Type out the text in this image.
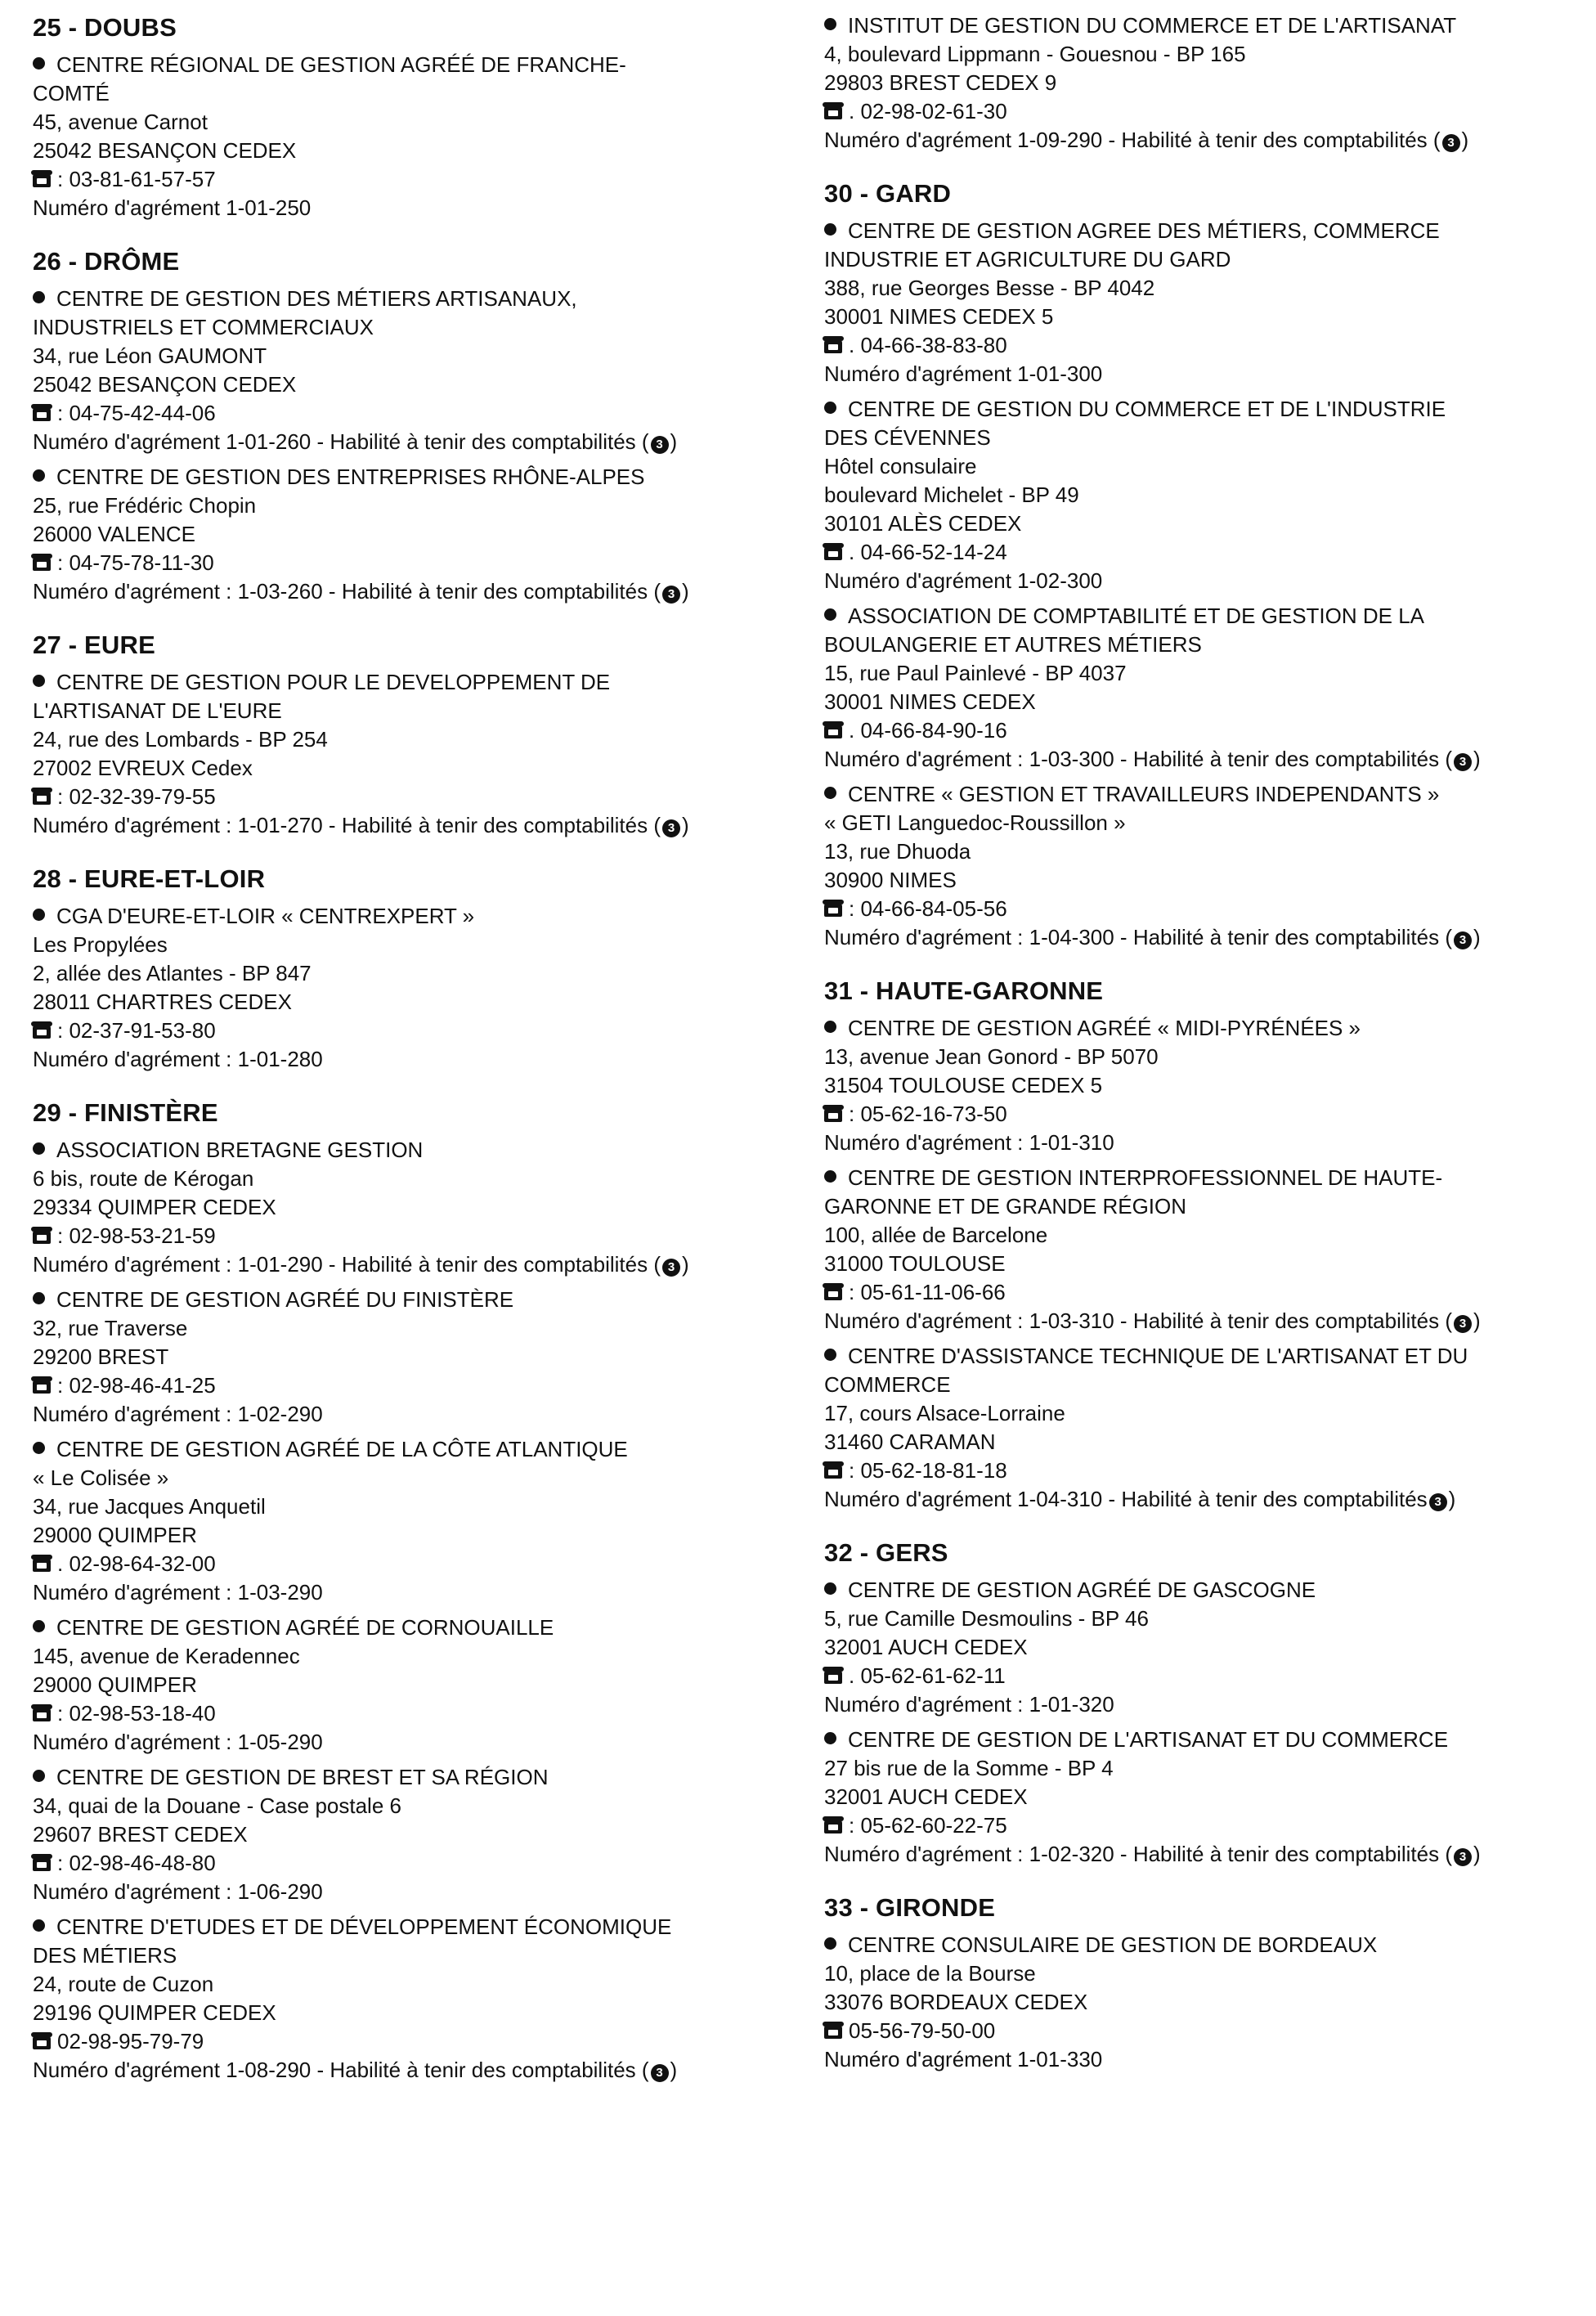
25 - DOUBS
CENTRE RÉGIONAL DE GESTION AGRÉÉ DE FRANCHE-
COMTÉ
45, avenue Carnot
25042 BESANÇON CEDEX
: 03-81-61-57-57
Numéro d'agrément 1-01-250
26 - DRÔME
CENTRE DE GESTION DES MÉTIERS ARTISANAUX,
INDUSTRIELS ET COMMERCIAUX
34, rue Léon GAUMONT
25042 BESANÇON CEDEX
: 04-75-42-44-06
Numéro d'agrément 1-01-260 - Habilité à tenir des comptabilités ( 3 )
CENTRE DE GESTION DES ENTREPRISES RHÔNE-ALPES
25, rue Frédéric Chopin
26000 VALENCE
: 04-75-78-11-30
Numéro d'agrément : 1-03-260 - Habilité à tenir des comptabilités ( 3 )
27 - EURE
CENTRE DE GESTION POUR LE DEVELOPPEMENT DE
L'ARTISANAT DE L'EURE
24, rue des Lombards - BP 254
27002 EVREUX Cedex
: 02-32-39-79-55
Numéro d'agrément : 1-01-270 - Habilité à tenir des comptabilités ( 3 )
28 - EURE-ET-LOIR
CGA D'EURE-ET-LOIR « CENTREXPERT »
Les Propylées
2, allée des Atlantes - BP 847
28011 CHARTRES CEDEX
: 02-37-91-53-80
Numéro d'agrément : 1-01-280
29 - FINISTÈRE
ASSOCIATION BRETAGNE GESTION
6 bis, route de Kérogan
29334 QUIMPER CEDEX
: 02-98-53-21-59
Numéro d'agrément : 1-01-290 - Habilité à tenir des comptabilités ( 3 )
CENTRE DE GESTION AGRÉÉ DU FINISTÈRE
32, rue Traverse
29200 BREST
: 02-98-46-41-25
Numéro d'agrément : 1-02-290
CENTRE DE GESTION AGRÉÉ DE LA CÔTE ATLANTIQUE
« Le Colisée »
34, rue Jacques Anquetil
29000 QUIMPER
. 02-98-64-32-00
Numéro d'agrément : 1-03-290
CENTRE DE GESTION AGRÉÉ DE CORNOUAILLE
145, avenue de Keradennec
29000 QUIMPER
: 02-98-53-18-40
Numéro d'agrément : 1-05-290
CENTRE DE GESTION DE BREST ET SA RÉGION
34, quai de la Douane - Case postale 6
29607 BREST CEDEX
: 02-98-46-48-80
Numéro d'agrément : 1-06-290
CENTRE D'ETUDES ET DE DÉVELOPPEMENT ÉCONOMIQUE
DES MÉTIERS
24, route de Cuzon
29196 QUIMPER CEDEX
02-98-95-79-79
Numéro d'agrément 1-08-290 - Habilité à tenir des comptabilités ( 3 )
INSTITUT DE GESTION DU COMMERCE ET DE L'ARTISANAT
4, boulevard Lippmann - Gouesnou - BP 165
29803 BREST CEDEX 9
. 02-98-02-61-30
Numéro d'agrément 1-09-290 - Habilité à tenir des comptabilités ( 3 )
30 - GARD
CENTRE DE GESTION AGREE DES MÉTIERS, COMMERCE
INDUSTRIE ET AGRICULTURE DU GARD
388, rue Georges Besse - BP 4042
30001 NIMES CEDEX 5
. 04-66-38-83-80
Numéro d'agrément 1-01-300
CENTRE DE GESTION DU COMMERCE ET DE L'INDUSTRIE
DES CÉVENNES
Hôtel consulaire
boulevard Michelet - BP 49
30101 ALÈS CEDEX
. 04-66-52-14-24
Numéro d'agrément 1-02-300
ASSOCIATION DE COMPTABILITÉ ET DE GESTION DE LA
BOULANGERIE ET AUTRES MÉTIERS
15, rue Paul Painlevé - BP 4037
30001 NIMES CEDEX
. 04-66-84-90-16
Numéro d'agrément : 1-03-300 - Habilité à tenir des comptabilités ( 3 )
CENTRE « GESTION ET TRAVAILLEURS INDEPENDANTS »
« GETI Languedoc-Roussillon »
13, rue Dhuoda
30900 NIMES
: 04-66-84-05-56
Numéro d'agrément : 1-04-300 - Habilité à tenir des comptabilités ( 3 )
31 - HAUTE-GARONNE
CENTRE DE GESTION AGRÉÉ « MIDI-PYRÉNÉES »
13, avenue Jean Gonord - BP 5070
31504 TOULOUSE CEDEX 5
: 05-62-16-73-50
Numéro d'agrément : 1-01-310
CENTRE DE GESTION INTERPROFESSIONNEL DE HAUTE-
GARONNE ET DE GRANDE RÉGION
100, allée de Barcelone
31000 TOULOUSE
: 05-61-11-06-66
Numéro d'agrément : 1-03-310 - Habilité à tenir des comptabilités ( 3 )
CENTRE D'ASSISTANCE TECHNIQUE DE L'ARTISANAT ET DU
COMMERCE
17, cours Alsace-Lorraine
31460 CARAMAN
: 05-62-18-81-18
Numéro d'agrément 1-04-310 - Habilité à tenir des comptabilités 3 )
32 - GERS
CENTRE DE GESTION AGRÉÉ DE GASCOGNE
5, rue Camille Desmoulins - BP 46
32001 AUCH CEDEX
. 05-62-61-62-11
Numéro d'agrément : 1-01-320
CENTRE DE GESTION DE L'ARTISANAT ET DU COMMERCE
27 bis rue de la Somme - BP 4
32001 AUCH CEDEX
: 05-62-60-22-75
Numéro d'agrément : 1-02-320 - Habilité à tenir des comptabilités ( 3 )
33 - GIRONDE
CENTRE CONSULAIRE DE GESTION DE BORDEAUX
10, place de la Bourse
33076 BORDEAUX CEDEX
05-56-79-50-00
Numéro d'agrément 1-01-330
